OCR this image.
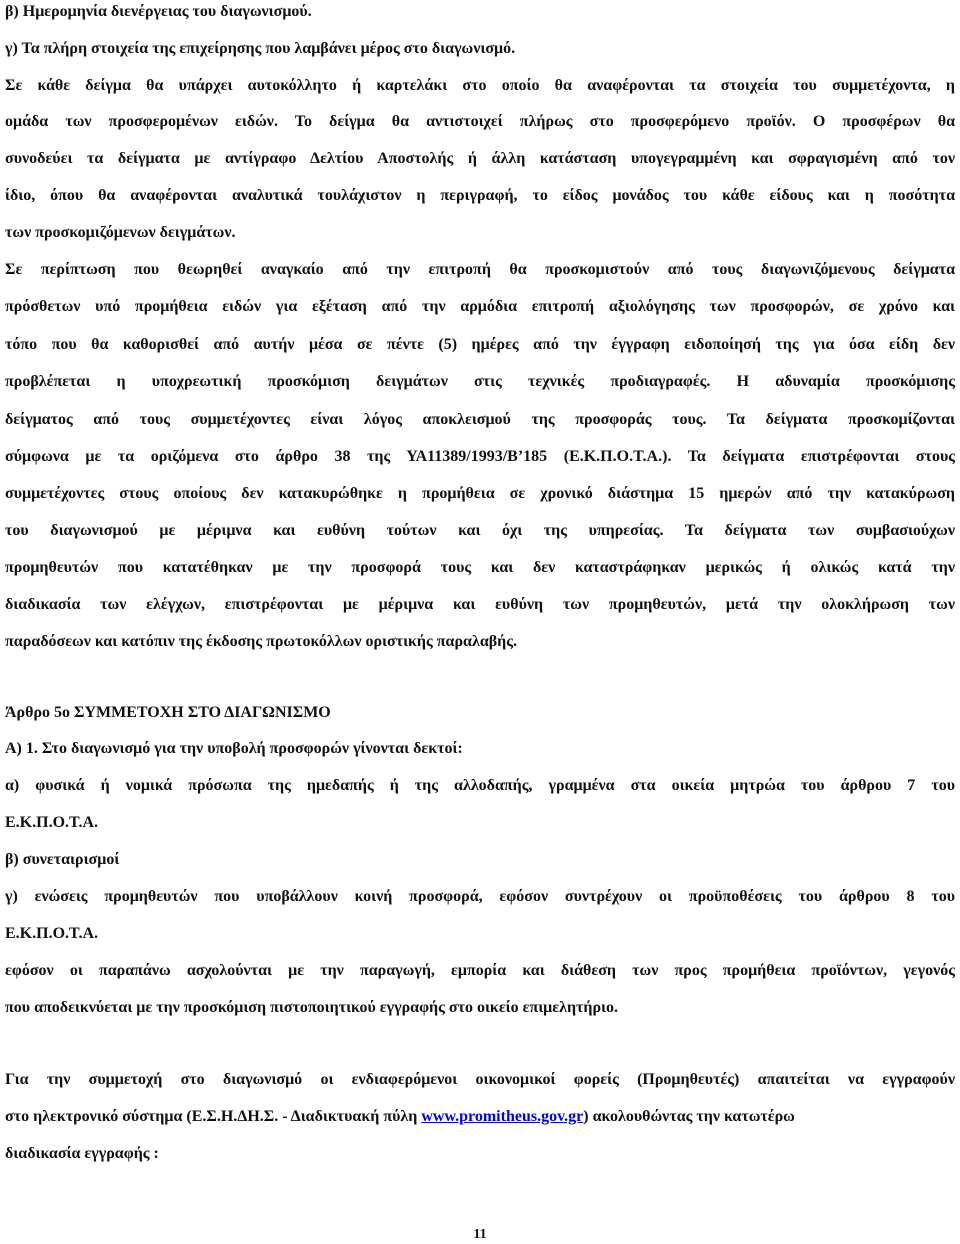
β) Ημερομηνία διενέργειας του διαγωνισμού.
γ) Τα πλήρη στοιχεία της επιχείρησης που λαμβάνει μέρος στο διαγωνισμό.
Σε κάθε δείγμα θα υπάρχει αυτοκόλλητο ή καρτελάκι στο οποίο θα αναφέρονται τα στοιχεία του συμμετέχοντα, η
ομάδα των προσφερομένων ειδών. Το δείγμα θα αντιστοιχεί πλήρως στο προσφερόμενο προϊόν. Ο προσφέρων θα
συνοδεύει τα δείγματα με αντίγραφο Δελτίου Αποστολής ή άλλη κατάσταση υπογεγραμμένη και σφραγισμένη από τον
ίδιο, όπου θα αναφέρονται αναλυτικά τουλάχιστον η περιγραφή, το είδος μονάδος του κάθε είδους και η ποσότητα
των προσκομιζόμενων δειγμάτων.
Σε περίπτωση που θεωρηθεί αναγκαίο από την επιτροπή θα προσκομιστούν από τους διαγωνιζόμενους δείγματα
πρόσθετων υπό προμήθεια ειδών για εξέταση από την αρμόδια επιτροπή αξιολόγησης των προσφορών, σε χρόνο και
τόπο που θα καθορισθεί από αυτήν μέσα σε πέντε (5) ημέρες από την έγγραφη ειδοποίησή της για όσα είδη δεν
προβλέπεται η υποχρεωτική προσκόμιση δειγμάτων στις τεχνικές προδιαγραφές. Η αδυναμία προσκόμισης
δείγματος από τους συμμετέχοντες είναι λόγος αποκλεισμού της προσφοράς τους. Τα δείγματα προσκομίζονται
σύμφωνα με τα οριζόμενα στο άρθρο 38 της ΥΑ11389/1993/Β’185 (Ε.Κ.Π.Ο.Τ.Α.). Τα δείγματα επιστρέφονται στους
συμμετέχοντες στους οποίους δεν κατακυρώθηκε η προμήθεια σε χρονικό διάστημα 15 ημερών από την κατακύρωση
του διαγωνισμού με μέριμνα και ευθύνη τούτων και όχι της υπηρεσίας. Τα δείγματα των συμβασιούχων
προμηθευτών που κατατέθηκαν με την προσφορά τους και δεν καταστράφηκαν μερικώς ή ολικώς κατά την
διαδικασία των ελέγχων, επιστρέφονται με μέριμνα και ευθύνη των προμηθευτών, μετά την ολοκλήρωση των
παραδόσεων και κατόπιν της έκδοσης πρωτοκόλλων οριστικής παραλαβής.
Άρθρο 5ο ΣΥΜΜΕΤΟΧΗ ΣΤΟ ΔΙΑΓΩΝΙΣΜΟ
Α) 1. Στο διαγωνισμό για την υποβολή προσφορών γίνονται δεκτοί:
α) φυσικά ή νομικά πρόσωπα της ημεδαπής ή της αλλοδαπής, γραμμένα στα οικεία μητρώα του άρθρου 7 του
Ε.Κ.Π.Ο.Τ.Α.
β) συνεταιρισμοί
γ) ενώσεις προμηθευτών που υποβάλλουν κοινή προσφορά, εφόσον συντρέχουν οι προϋποθέσεις του άρθρου 8 του
Ε.Κ.Π.Ο.Τ.Α.
εφόσον οι παραπάνω ασχολούνται με την παραγωγή, εμπορία και διάθεση των προς προμήθεια προϊόντων, γεγονός
που αποδεικνύεται με την προσκόμιση πιστοποιητικού εγγραφής στο οικείο επιμελητήριο.
Για την συμμετοχή στο διαγωνισμό οι ενδιαφερόμενοι οικονομικοί φορείς (Προμηθευτές) απαιτείται να εγγραφούν
στο ηλεκτρονικό σύστημα (Ε.Σ.Η.ΔΗ.Σ. - Διαδικτυακή πύλη www.promitheus.gov.gr) ακολουθώντας την κατωτέρω
διαδικασία εγγραφής :
11
